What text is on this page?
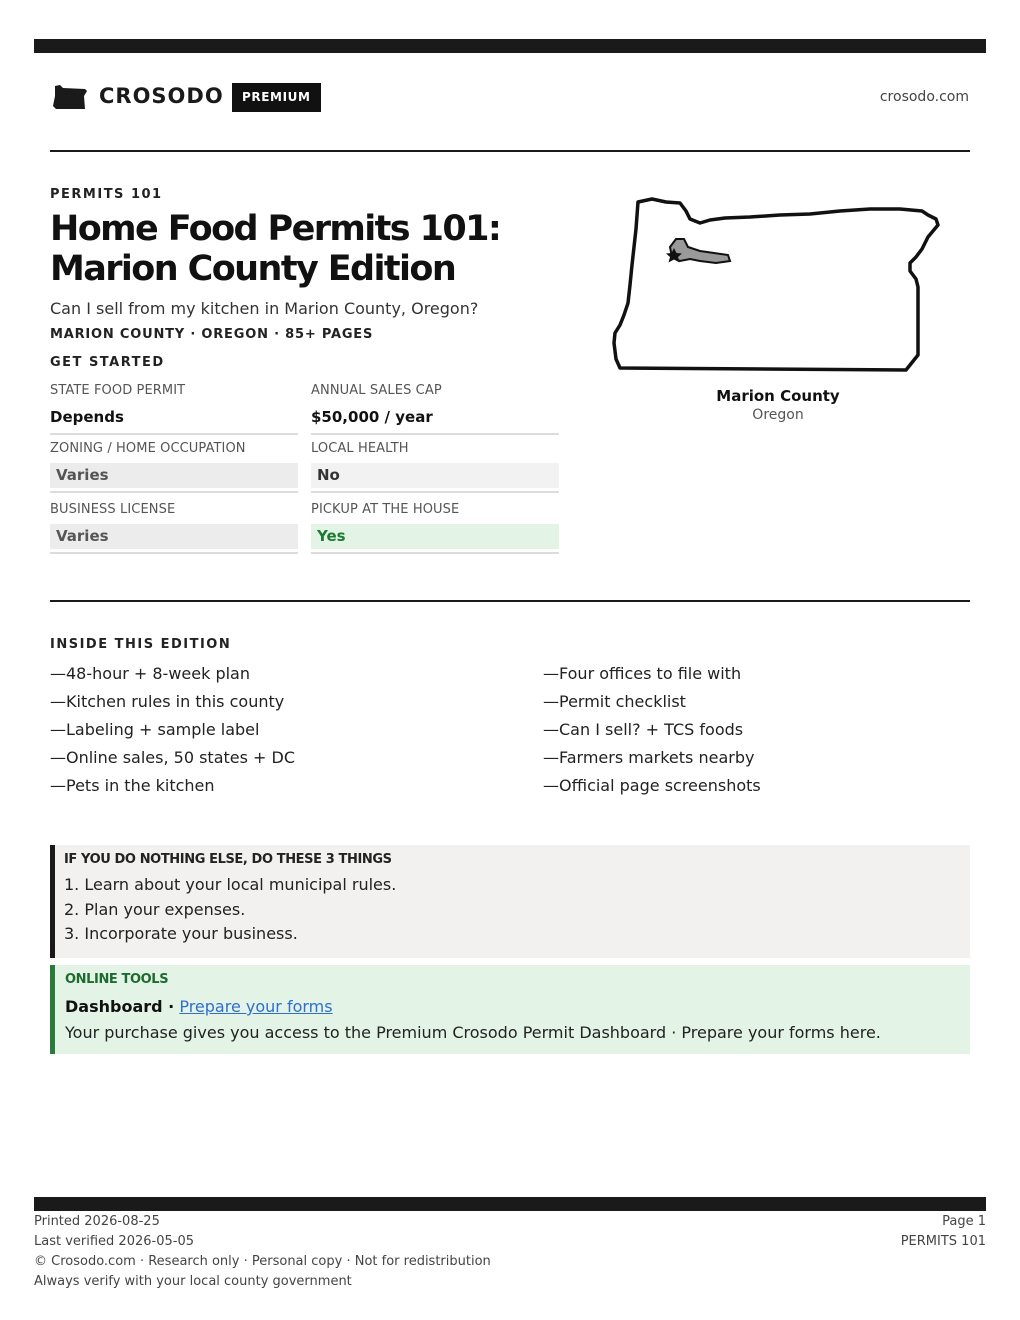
CROSODO	PREMIUM	crosodo.com
PERMITS 101
Home Food Permits 101: Marion County Edition
Can I sell from my kitchen in Marion County, Oregon?
MARION COUNTY · OREGON · 85+ PAGES
GET STARTED
STATE FOOD PERMIT
Depends
ANNUAL SALES CAP
$50,000 / year
ZONING / HOME OCCUPATION
Varies
LOCAL HEALTH
No
BUSINESS LICENSE
Varies
PICKUP AT THE HOUSE
Yes
Marion County
Oregon
INSIDE THIS EDITION
—48-hour + 8-week plan
—Kitchen rules in this county
—Labeling + sample label
—Online sales, 50 states + DC
—Pets in the kitchen
—Four offices to file with
—Permit checklist
—Can I sell? + TCS foods
—Farmers markets nearby
—Official page screenshots
IF YOU DO NOTHING ELSE, DO THESE 3 THINGS
1. Learn about your local municipal rules.
2. Plan your expenses.
3. Incorporate your business.
ONLINE TOOLS
Dashboard · Prepare your forms
Your purchase gives you access to the Premium Crosodo Permit Dashboard · Prepare your forms here.
Printed 2026-08-25
Last verified 2026-05-05
© Crosodo.com · Research only · Personal copy · Not for redistribution
Always verify with your local county government
Page 1
PERMITS 101
